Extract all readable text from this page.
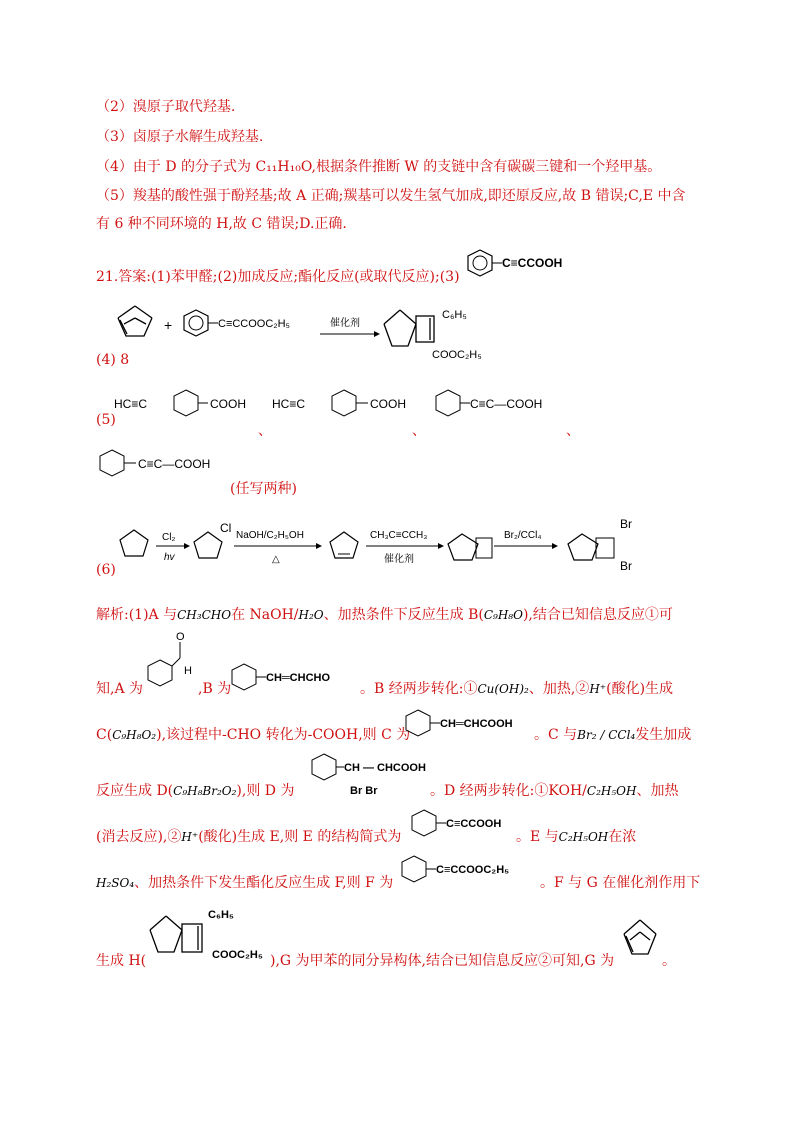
（2）溴原子取代羟基.
（3）卤原子水解生成羟基.
（4）由于 D 的分子式为 C₁₁H₁₀O,根据条件推断 W 的支链中含有碳碳三键和一个羟甲基。
（5）羧基的酸性强于酚羟基;故 A 正确;羰基可以发生氢气加成,即还原反应,故 B 错误;C,E 中含
有 6 种不同环境的 H,故 C 错误;D.正确.
21.答案:(1)苯甲醛;(2)加成反应;酯化反应(或取代反应);(3)
C≡CCOOH
+	C≡CCOOC₂H₅	催化剂
C₆H₅
COOC₂H₅
(4) 8
(5)
HC≡C	COOH HC≡C	COOH	C≡C—COOH
、	、	、
C≡C—COOH
(任写两种)
(6)
Cl₂
hv
Cl
NaOH/C₂H₅OH
△
CH₃C≡CCH₃
催化剂
Br₂/CCl₄
Br
Br
解析:(1)A 与CH₃CHO在 NaOH/H₂O、加热条件下反应生成 B(C₉H₈O),结合已知信息反应①可
知,A 为
O
H
,B 为
CH═CHCHO
。B 经两步转化:①Cu(OH)₂、加热,②H⁺(酸化)生成
C(C₉H₈O₂),该过程中-CHO 转化为-COOH,则 C 为
CH═CHCOOH
。C 与Br₂ / CCl₄发生加成
反应生成 D(C₉H₈Br₂O₂),则 D 为
CH — CHCOOH
Br Br	。D 经两步转化:①KOH/C₂H₅OH、加热
(消去反应),②H⁺(酸化)生成 E,则 E 的结构简式为
C≡CCOOH
。E 与C₂H₅OH在浓
H₂SO₄、加热条件下发生酯化反应生成 F,则 F 为
C≡CCOOC₂H₅
。F 与 G 在催化剂作用下
生成 H(
C₆H₅
COOC₂H₅ ),G 为甲苯的同分异构体,结合已知信息反应②可知,G 为	。
